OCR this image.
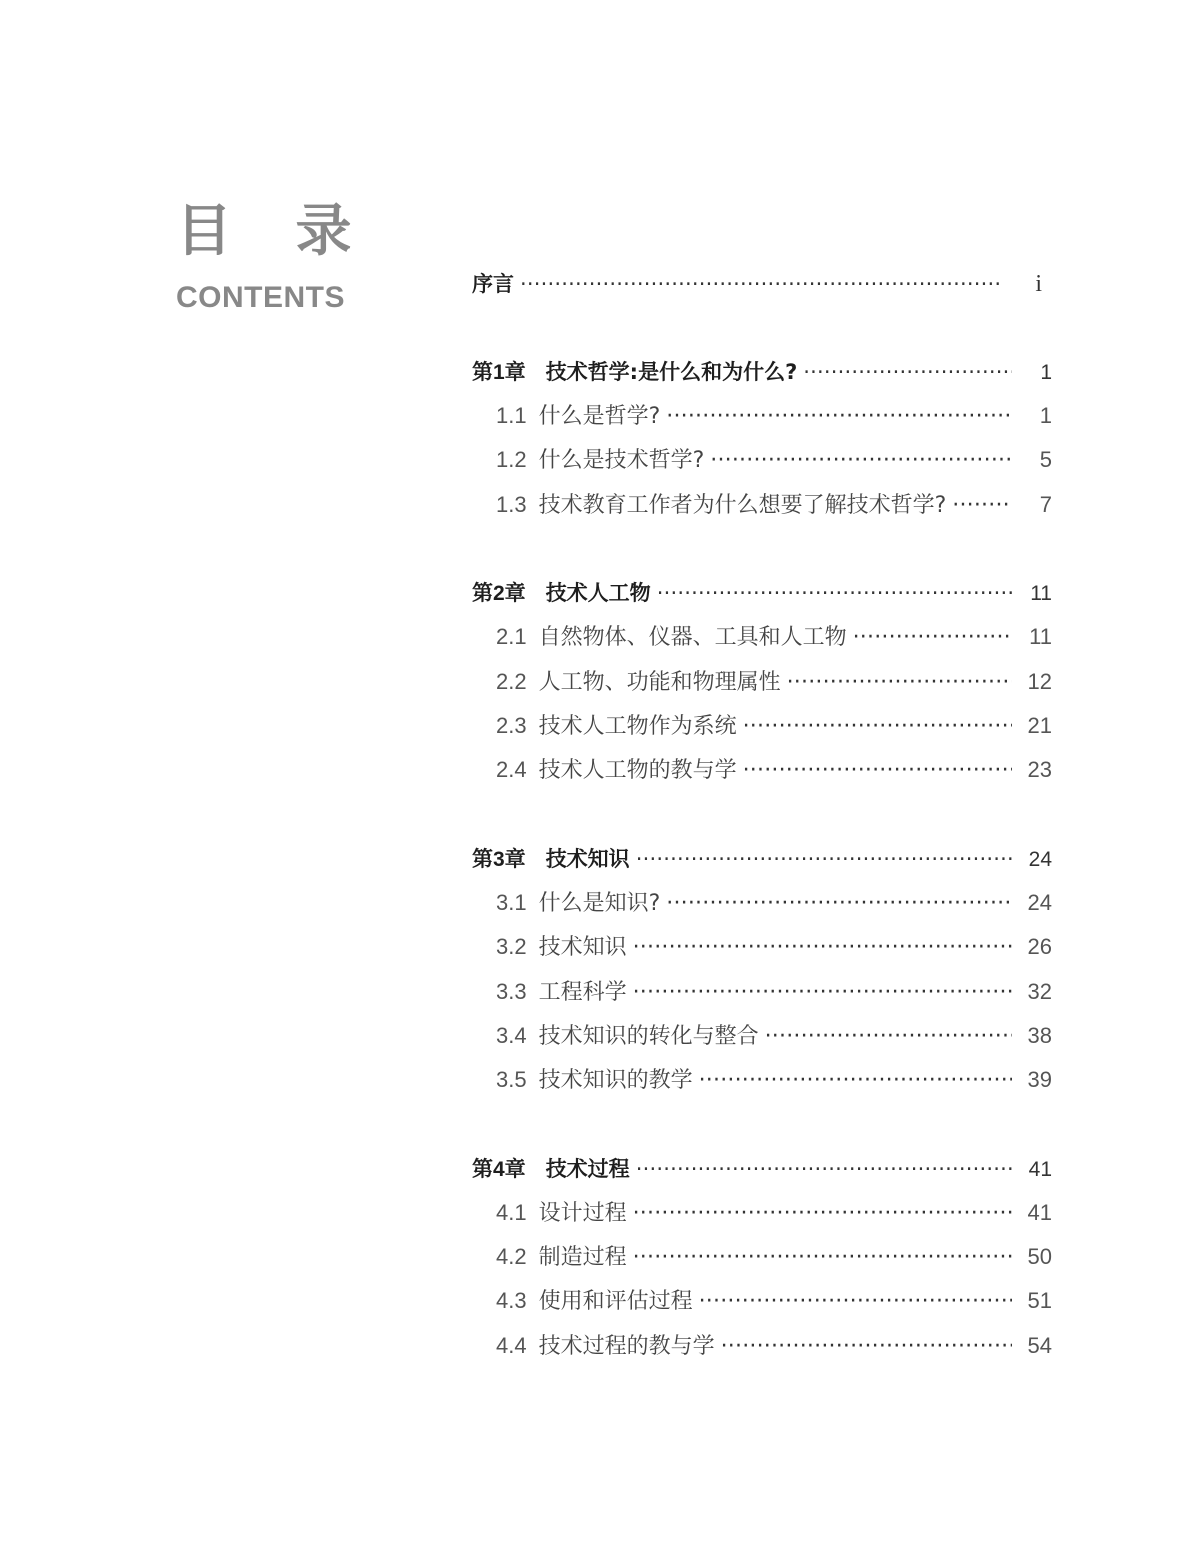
目 录
CONTENTS	序言 ·····	i
第1章 技术哲学:是什么和为什么? ·····	1
1.1 什么是哲学? ·····	1
1.2 什么是技术哲学? ·····	5
1.3 技术教育工作者为什么想要了解技术哲学? ·····	7
第2章 技术人工物 ·····	11
2.1 自然物体、仪器、工具和人工物 ·····	11
2.2 人工物、功能和物理属性 ·····	12
2.3 技术人工物作为系统 ·····	21
2.4 技术人工物的教与学 ·····	23
第3章 技术知识 ·····	24
3.1 什么是知识? ·····	24
3.2 技术知识 ·····	26
3.3 工程科学 ·····	32
3.4 技术知识的转化与整合 ·····	38
3.5 技术知识的教学 ·····	39
第4章 技术过程 ·····	41
4.1 设计过程 ·····	41
4.2 制造过程 ·····	50
4.3 使用和评估过程 ·····	51
4.4 技术过程的教与学 ·····	54
